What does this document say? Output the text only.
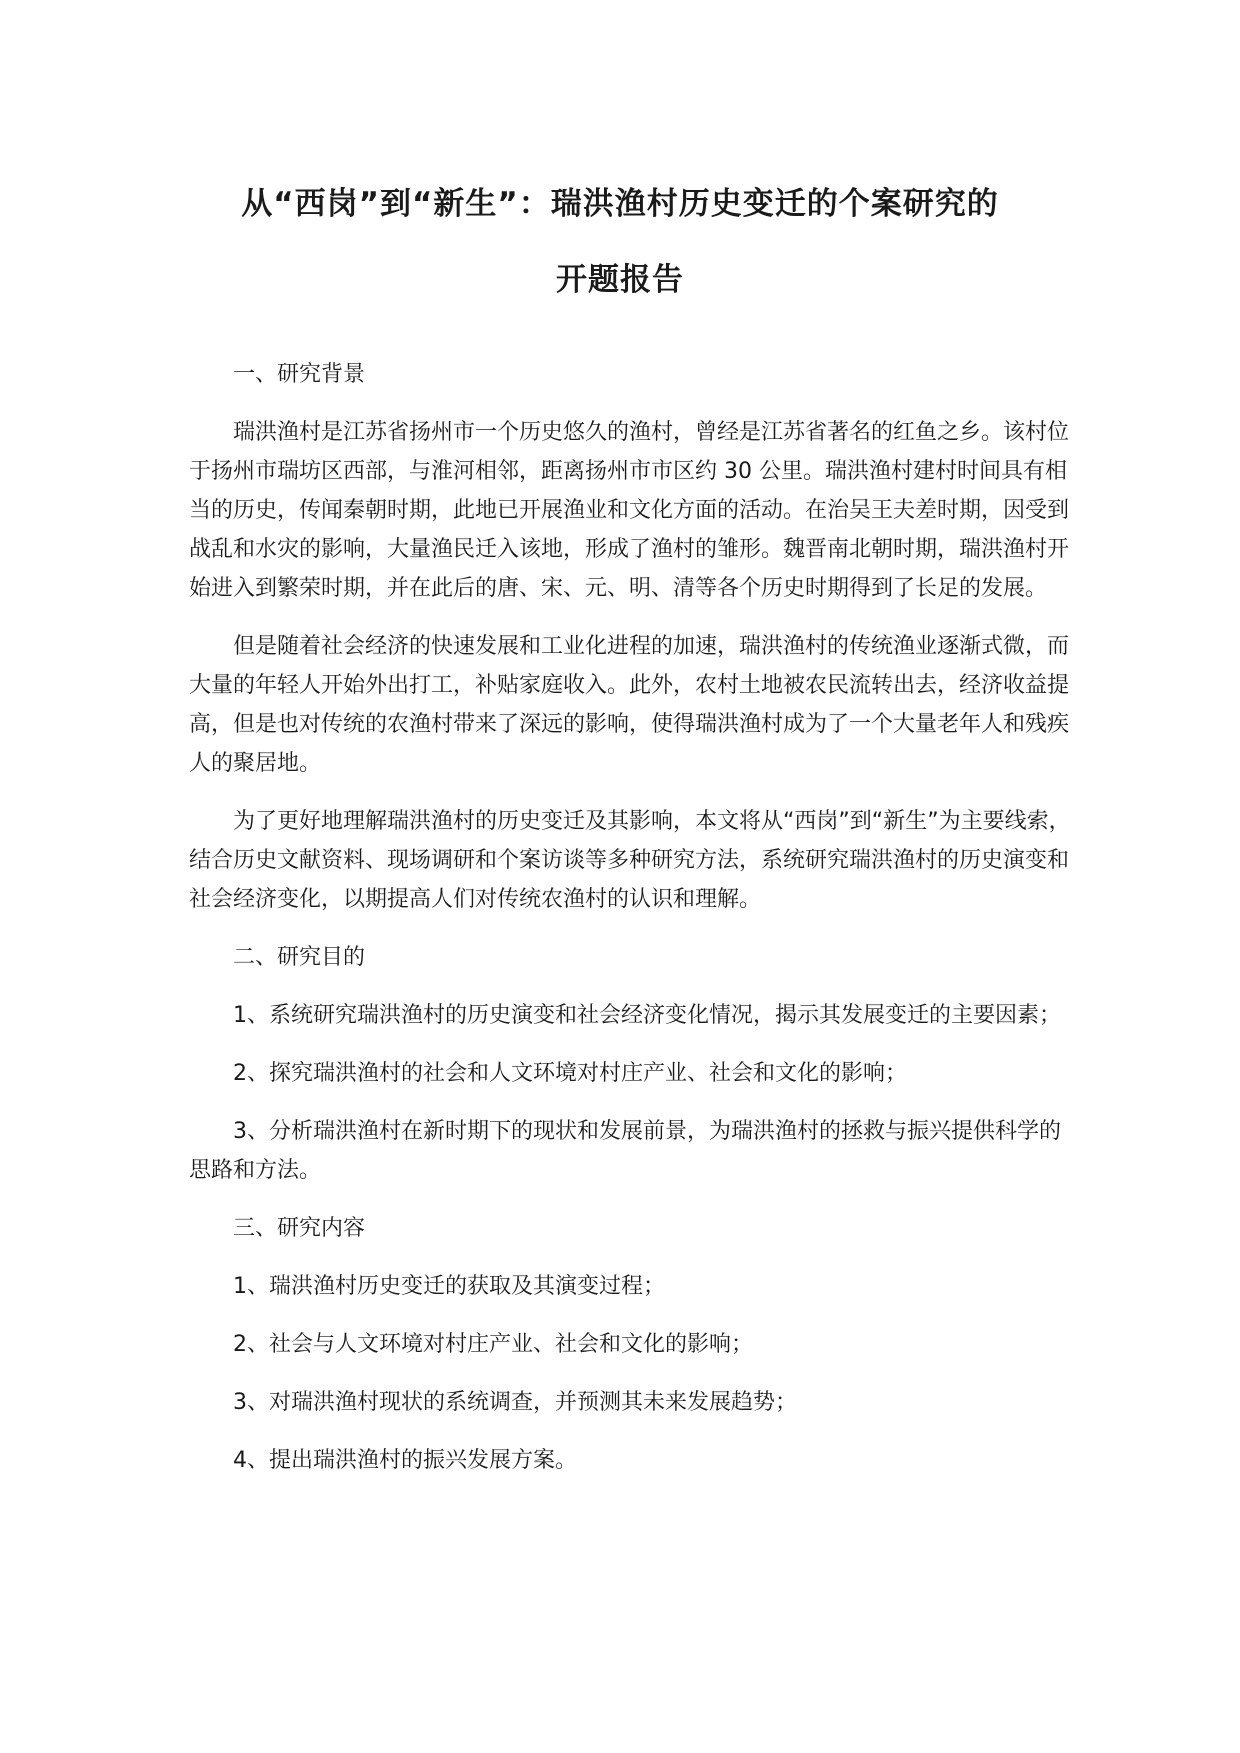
从“西岗”到“新生”：瑞洪渔村历史变迁的个案研究的
开题报告

一、研究背景

瑞洪渔村是江苏省扬州市一个历史悠久的渔村，曾经是江苏省著名的红鱼之乡。该村位于扬州市瑞坊区西部，与淮河相邻，距离扬州市市区约 30 公里。瑞洪渔村建村时间具有相当的历史，传闻秦朝时期，此地已开展渔业和文化方面的活动。在治吴王夫差时期，因受到战乱和水灾的影响，大量渔民迁入该地，形成了渔村的雏形。魏晋南北朝时期，瑞洪渔村开始进入到繁荣时期，并在此后的唐、宋、元、明、清等各个历史时期得到了长足的发展。

但是随着社会经济的快速发展和工业化进程的加速，瑞洪渔村的传统渔业逐渐式微，而大量的年轻人开始外出打工，补贴家庭收入。此外，农村土地被农民流转出去，经济收益提高，但是也对传统的农渔村带来了深远的影响，使得瑞洪渔村成为了一个大量老年人和残疾人的聚居地。

为了更好地理解瑞洪渔村的历史变迁及其影响，本文将从“西岗”到“新生”为主要线索，结合历史文献资料、现场调研和个案访谈等多种研究方法，系统研究瑞洪渔村的历史演变和社会经济变化，以期提高人们对传统农渔村的认识和理解。

二、研究目的

1、系统研究瑞洪渔村的历史演变和社会经济变化情况，揭示其发展变迁的主要因素；

2、探究瑞洪渔村的社会和人文环境对村庄产业、社会和文化的影响；

3、分析瑞洪渔村在新时期下的现状和发展前景，为瑞洪渔村的拯救与振兴提供科学的思路和方法。

三、研究内容

1、瑞洪渔村历史变迁的获取及其演变过程；

2、社会与人文环境对村庄产业、社会和文化的影响；

3、对瑞洪渔村现状的系统调查，并预测其未来发展趋势；

4、提出瑞洪渔村的振兴发展方案。
